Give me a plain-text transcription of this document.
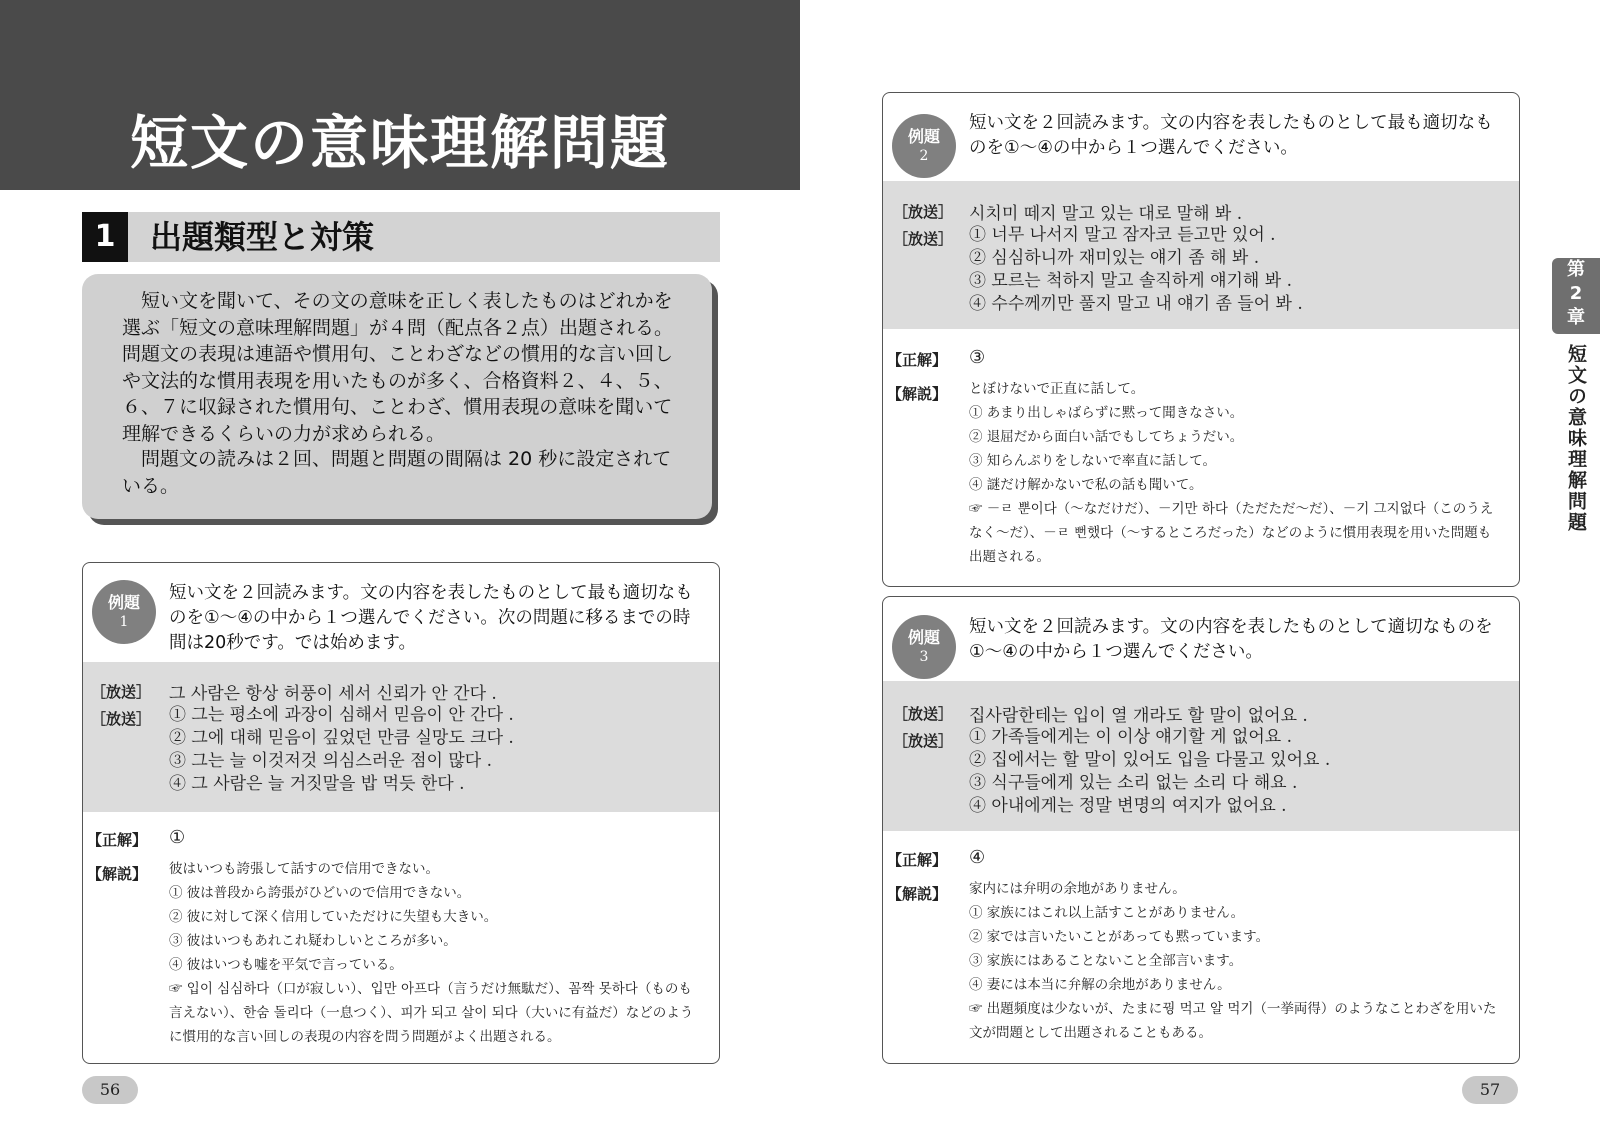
短文の意味理解問題
1	出題類型と対策

短い文を聞いて、その文の意味を正しく表したものはどれかを選ぶ「短文の意味理解問題」が４問（配点各２点）出題される。問題文の表現は連語や慣用句、ことわざなどの慣用的な言い回しや文法的な慣用表現を用いたものが多く、合格資料２、４、５、６、７に収録された慣用句、ことわざ、慣用表現の意味を聞いて理解できるくらいの力が求められる。

問題文の読みは２回、問題と問題の間隔は 20 秒に設定されている。

例題
1

短い文を２回読みます。文の内容を表したものとして最も適切なものを①～④の中から１つ選んでください。次の問題に移るまでの時間は20秒です。では始めます。

［放送］ 그 사람은 항상 허풍이 세서 신뢰가 안 간다 .
［放送］ ① 그는 평소에 과장이 심해서 믿음이 안 간다 .
② 그에 대해 믿음이 깊었던 만큼 실망도 크다 .
③ 그는 늘 이것저것 의심스러운 점이 많다 .
④ 그 사람은 늘 거짓말을 밥 먹듯 한다 .
【正解】 ①
【解説】 彼はいつも誇張して話すので信用できない。
① 彼は普段から誇張がひどいので信用できない。
② 彼に対して深く信用していただけに失望も大きい。
③ 彼はいつもあれこれ疑わしいところが多い。
④ 彼はいつも嘘を平気で言っている。
☞ 입이 심심하다（口が寂しい）、입만 아프다（言うだけ無駄だ）、꼼짝 못하다（ものも言えない）、한숨 돌리다（一息つく）、피가 되고 살이 되다（大いに有益だ）などのように慣用的な言い回しの表現の内容を問う問題がよく出題される。
56
例題
2

短い文を２回読みます。文の内容を表したものとして最も適切なものを①～④の中から１つ選んでください。

［放送］ 시치미 떼지 말고 있는 대로 말해 봐 .
［放送］ ① 너무 나서지 말고 잠자코 듣고만 있어 .
② 심심하니까 재미있는 얘기 좀 해 봐 .
③ 모르는 척하지 말고 솔직하게 얘기해 봐 .
④ 수수께끼만 풀지 말고 내 얘기 좀 들어 봐 .
【正解】 ③
【解説】 とぼけないで正直に話して。
① あまり出しゃばらずに黙って聞きなさい。
② 退屈だから面白い話でもしてちょうだい。
③ 知らんぷりをしないで率直に話して。
④ 謎だけ解かないで私の話も聞いて。
☞ －ㄹ 뿐이다（～なだけだ）、－기만 하다（ただただ～だ）、－기 그지없다（このうえなく～だ）、－ㄹ 뻔했다（～するところだった）などのように慣用表現を用いた問題も出題される。
例題
3

短い文を２回読みます。文の内容を表したものとして適切なものを①～④の中から１つ選んでください。

［放送］ 집사람한테는 입이 열 개라도 할 말이 없어요 .
［放送］ ① 가족들에게는 이 이상 얘기할 게 없어요 .
② 집에서는 할 말이 있어도 입을 다물고 있어요 .
③ 식구들에게 있는 소리 없는 소리 다 해요 .
④ 아내에게는 정말 변명의 여지가 없어요 .
【正解】 ④
【解説】 家内には弁明の余地がありません。
① 家族にはこれ以上話すことがありません。
② 家では言いたいことがあっても黙っています。
③ 家族にはあることないこと全部言います。
④ 妻には本当に弁解の余地がありません。
☞ 出題頻度は少ないが、たまに꿩 먹고 알 먹기（一挙両得）のようなことわざを用いた文が問題として出題されることもある。
57
第
2
章
短文の意味理解問題
